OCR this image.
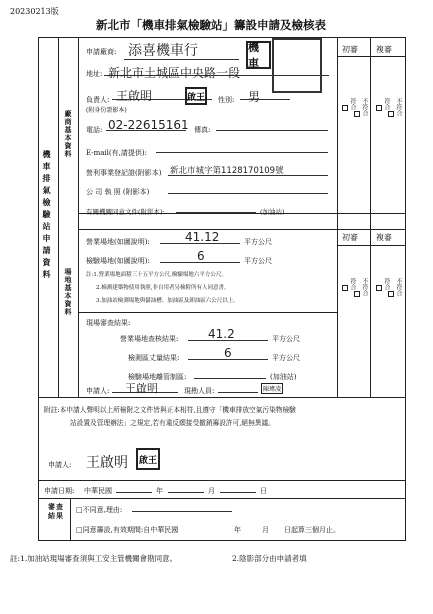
20230213版
新北市「機車排氣檢驗站」籌設申請及檢核表
初審 複審
初審 複審
機車排氣檢驗站申請資料
廠商基本資料
場地基本資料
申請廠商: 添喜機車行	機車
地址: 新北市土城區中央路一段
負責人: 王啟明	啟王
(附身份證影本)
性別: 男
電話: 02-22615161 傳真:
E-mail(有,請提供):
營利事業登記證(附影本) 新北市城字第1128170109號
公 司 執 照 (附影本)
有關機關同意文件(附影本):	(加油站)
符合 不符合	符合 不符合
營業場地(如圖說明):	41.12	平方公尺
檢驗場地(如圖說明):	6	平方公尺
註:1.營業場地面積三十五平方公尺,檢驗場地六平方公尺。
2.檢測建築物使用執照,非自用者另檢附所有人同意書。
3.加油站檢測場地與儲油槽、加油區及卸油區六公尺以上。
現場審查結果:
營業場地查核結果: 41.2	平方公尺
檢測區丈量結果:	6	平方公尺
檢驗場地離管制區:	(加油站)
申請人: 王啟明	現勘人員:	陳瑋凌
符合 不符合	符合 不符合
附註:本申請人聲明以上所檢附之文件皆與正本相符,且遵守「機車排放空氣污染物檢驗
站設置及管理辦法」之規定,若有違反願接受撤銷籌設許可,絕無異議。
申請人: 王啟明	啟王
申請日期: 中華民國	年	月	日
審查結果
□不同意,理由:
□同意籌設,有效期間:自中華民國	年	月 日起算三個月止。
註:1.加油站現場審查須與工安主管機關會勘同意。	2.陰影部分由申請者填
